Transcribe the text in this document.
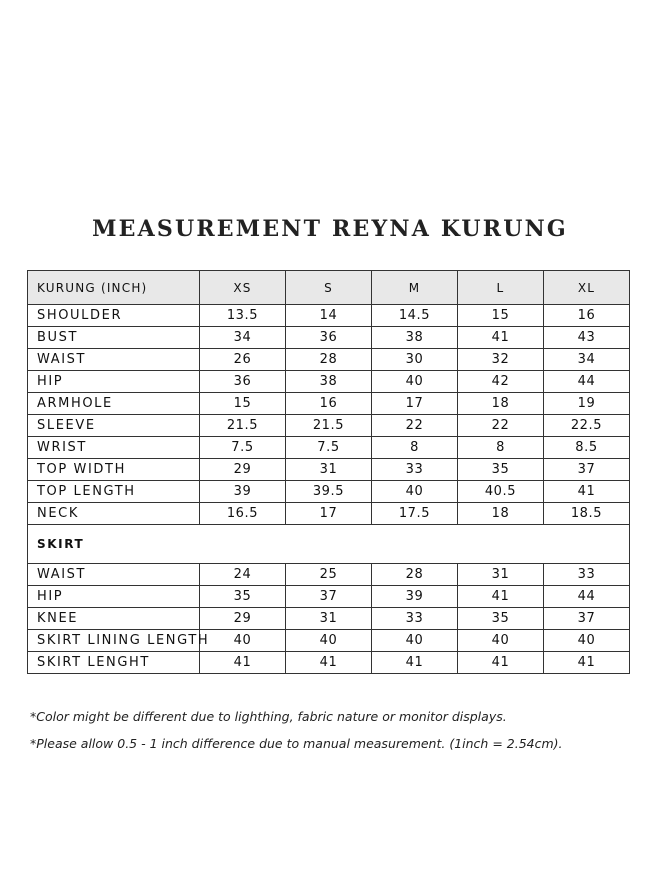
MEASUREMENT REYNA KURUNG
KURUNG (INCH)	XS	S	M	L	XL
SHOULDER	13.5	14	14.5	15	16
BUST	34	36	38	41	43
WAIST	26	28	30	32	34
HIP	36	38	40	42	44
ARMHOLE	15	16	17	18	19
SLEEVE	21.5	21.5	22	22	22.5
WRIST	7.5	7.5	8	8	8.5
TOP WIDTH	29	31	33	35	37
TOP LENGTH	39	39.5	40	40.5	41
NECK	16.5	17	17.5	18	18.5
SKIRT					
WAIST	24	25	28	31	33
HIP	35	37	39	41	44
KNEE	29	31	33	35	37
SKIRT LINING LENGTH	40	40	40	40	40
SKIRT LENGHT	41	41	41	41	41
*Color might be different due to lighthing, fabric nature or monitor displays.
*Please allow 0.5 - 1 inch difference due to manual measurement. (1inch = 2.54cm).
